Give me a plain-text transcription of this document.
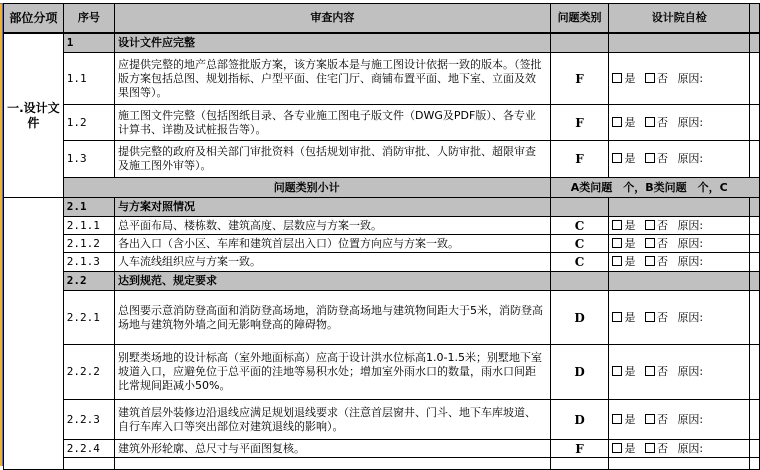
部位分项	序号	审查内容	问题类别	设计院自检	
一.设计文件	1	设计文件应完整			
	1.1	应提供完整的地产总部签批版方案，该方案版本是与施工图设计依据一致的版本。（签批版方案包括总图、规划指标、户型平面、住宅门厅、商铺布置平面、地下室、立面及效果图等）。	F	是 否 原因:	
	1.2	施工图文件完整（包括图纸目录、各专业施工图电子版文件（DWG及PDF版）、各专业计算书、详勘及试桩报告等）。	F	是 否 原因:	
	1.3	提供完整的政府及相关部门审批资料（包括规划审批、消防审批、人防审批、超限审查及施工图外审等）。	F	是 否 原因:	
	问题类别小计		A类问题　个，B类问题　个，C		
	2.1	与方案对照情况			
	2.1.1	总平面布局、楼栋数、建筑高度、层数应与方案一致。	C	是 否 原因:	
	2.1.2	各出入口（含小区、车库和建筑首层出入口）位置方向应与方案一致。	C	是 否 原因:	
	2.1.3	人车流线组织应与方案一致。	C	是 否 原因:	
	2.2	达到规范、规定要求			
	2.2.1	总图要示意消防登高面和消防登高场地，消防登高场地与建筑物间距大于5米，消防登高场地与建筑物外墙之间无影响登高的障碍物。	D	是 否 原因:	
	2.2.2	别墅类场地的设计标高（室外地面标高）应高于设计洪水位标高1.0-1.5米；别墅地下室坡道入口，应避免位于总平面的洼地等易积水处；增加室外雨水口的数量，雨水口间距比常规间距减小50%。	D	是 否 原因:	
	2.2.3	建筑首层外装修边沿退线应满足规划退线要求（注意首层窗井、门斗、地下车库坡道、自行车库入口等突出部位对建筑退线的影响）。	D	是 否 原因:	
	2.2.4	建筑外形轮廓、总尺寸与平面图复核。	F	是 否 原因:	
